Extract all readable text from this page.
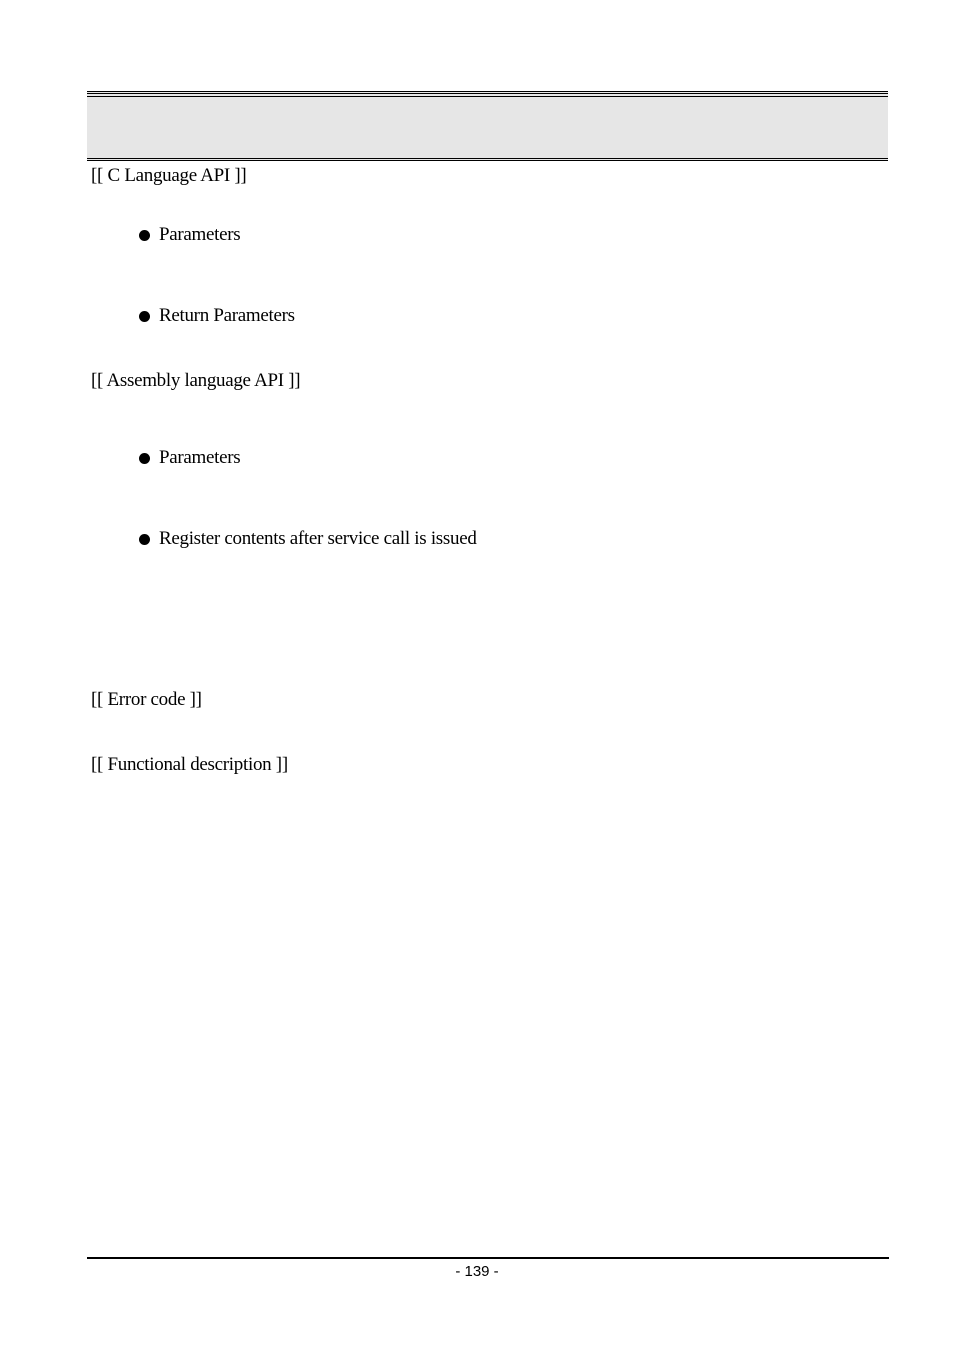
[[ C Language API ]]
Parameters
Return Parameters
[[ Assembly language API ]]
Parameters
Register contents after service call is issued
[[ Error code ]]
[[ Functional description ]]
- 139 -
